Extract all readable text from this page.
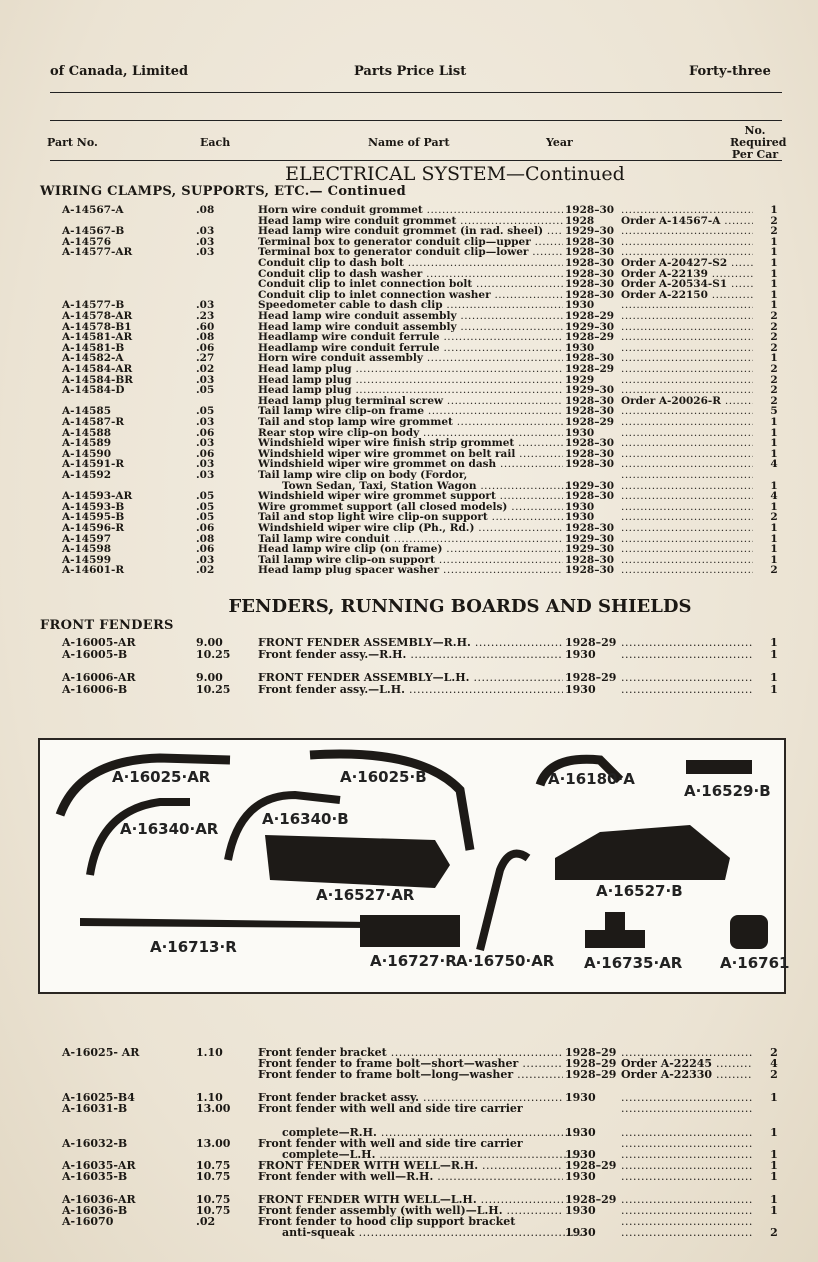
of Canada, Limited	Parts Price List	Forty-three
Part No.	Each	Name of Part	Year
No.
Required
Per Car
ELECTRICAL SYSTEM—Continued
WIRING CLAMPS, SUPPORTS, ETC.— Continued
A-14567-A	.08	Horn wire conduit grommet .....	1928–30 .....	1
Head lamp wire conduit grommet .....	1928	Order A-14567-A .....	2
A-14567-B	.03	Head lamp wire conduit grommet (in rad. sheel) .....	1929–30 .....	2
A-14576	.03	Terminal box to generator conduit clip—upper .....	1928–30 .....	1
A-14577-AR	.03	Terminal box to generator conduit clip—lower .....	1928–30 .....	1
Conduit clip to dash bolt .....	1928–30 Order A-20427-S2 .....	1
Conduit clip to dash washer .....	1928–30 Order A-22139 .....	1
Conduit clip to inlet connection bolt .....	1928–30 Order A-20534-S1 .....	1
Conduit clip to inlet connection washer .....	1928–30 Order A-22150 .....	1
A-14577-B	.03	Speedometer cable to dash clip .....	1930 .....	1
A-14578-AR	.23	Head lamp wire conduit assembly .....	1928–29 .....	2
A-14578-B1	.60	Head lamp wire conduit assembly .....	1929–30 .....	2
A-14581-AR	.08	Headlamp wire conduit ferrule .....	1928–29 .....	2
A-14581-B	.06	Headlamp wire conduit ferrule .....	1930 .....	2
A-14582-A	.27	Horn wire conduit assembly .....	1928–30 .....	1
A-14584-AR	.02	Head lamp plug .....	1928–29 .....	2
A-14584-BR	.03	Head lamp plug .....	1929 .....	2
A-14584-D	.05	Head lamp plug .....	1929–30 .....	2
Head lamp plug terminal screw .....	1928–30 Order A-20026-R .....	2
A-14585	.05	Tail lamp wire clip-on frame .....	1928–30 .....	5
A-14587-R	.03	Tail and stop lamp wire grommet .....	1928–29 .....	1
A-14588	.06	Rear stop wire clip-on body .....	1930 .....	1
A-14589	.03	Windshield wiper wire finish strip grommet .....	1928–30 .....	1
A-14590	.06	Windshield wiper wire grommet on belt rail .....	1928–30 .....	1
A-14591-R	.03	Windshield wiper wire grommet on dash .....	1928–30 .....	4
A-14592	.03	Tail lamp wire clip on body (Fordor,
.....
Town Sedan, Taxi, Station Wagon .....	1929–30 .....	1
A-14593-AR	.05	Windshield wiper wire grommet support .....	1928–30 .....	4
A-14593-B	.05	Wire grommet support (all closed models) .....	1930 .....	1
A-14595-B	.05	Tail and stop light wire clip-on support .....	1930 .....	2
A-14596-R	.06	Windshield wiper wire clip (Ph., Rd.) .....	1928–30 .....	1
A-14597	.08	Tail lamp wire conduit .....	1929–30 .....	1
A-14598	.06	Head lamp wire clip (on frame) .....	1929–30 .....	1
A-14599	.03	Tail lamp wire clip-on support .....	1928–30 .....	1
A-14601-R	.02	Head lamp plug spacer washer .....	1928–30 .....	2
FENDERS, RUNNING BOARDS AND SHIELDS
FRONT FENDERS
A-16005-AR	9.00	FRONT FENDER ASSEMBLY—R.H. .....	1928–29 .....	1
A-16005-B	10.25	Front fender assy.—R.H. .....	1930 .....	1
A-16006-AR	9.00	FRONT FENDER ASSEMBLY—L.H. .....	1928–29 .....	1
A-16006-B	10.25	Front fender assy.—L.H. .....	1930 .....	1
A·16025·AR	A·16025·B	A·16180·A
A·16529·B
A·16340·AR
A·16340·B
A·16527·AR	A·16527·B
A·16713·R
A·16727·R A·16750·AR A·16735·AR	A·16761
A-16025- AR	1.10	Front fender bracket .....	1928–29 .....	2
Front fender to frame bolt—short—washer .....	1928–29 Order A-22245 .....	4
Front fender to frame bolt—long—washer .....	1928–29 Order A-22330 .....	2
A-16025-B4	1.10	Front fender bracket assy. .....	1930 .....	1
A-16031-B	13.00	Front fender with well and side tire carrier
.....
complete—R.H. .....	1930 .....	1
A-16032-B	13.00	Front fender with well and side tire carrier
.....
complete—L.H. .....	1930 .....	1
A-16035-AR	10.75	FRONT FENDER WITH WELL—R.H. .....	1928–29 .....	1
A-16035-B	10.75	Front fender with well—R.H. .....	1930 .....	1
A-16036-AR	10.75	FRONT FENDER WITH WELL—L.H. .....	1928–29 .....	1
A-16036-B	10.75	Front fender assembly (with well)—L.H. .....	1930 .....	1
A-16070	.02	Front fender to hood clip support bracket
.....
anti-squeak .....	1930 .....	2
